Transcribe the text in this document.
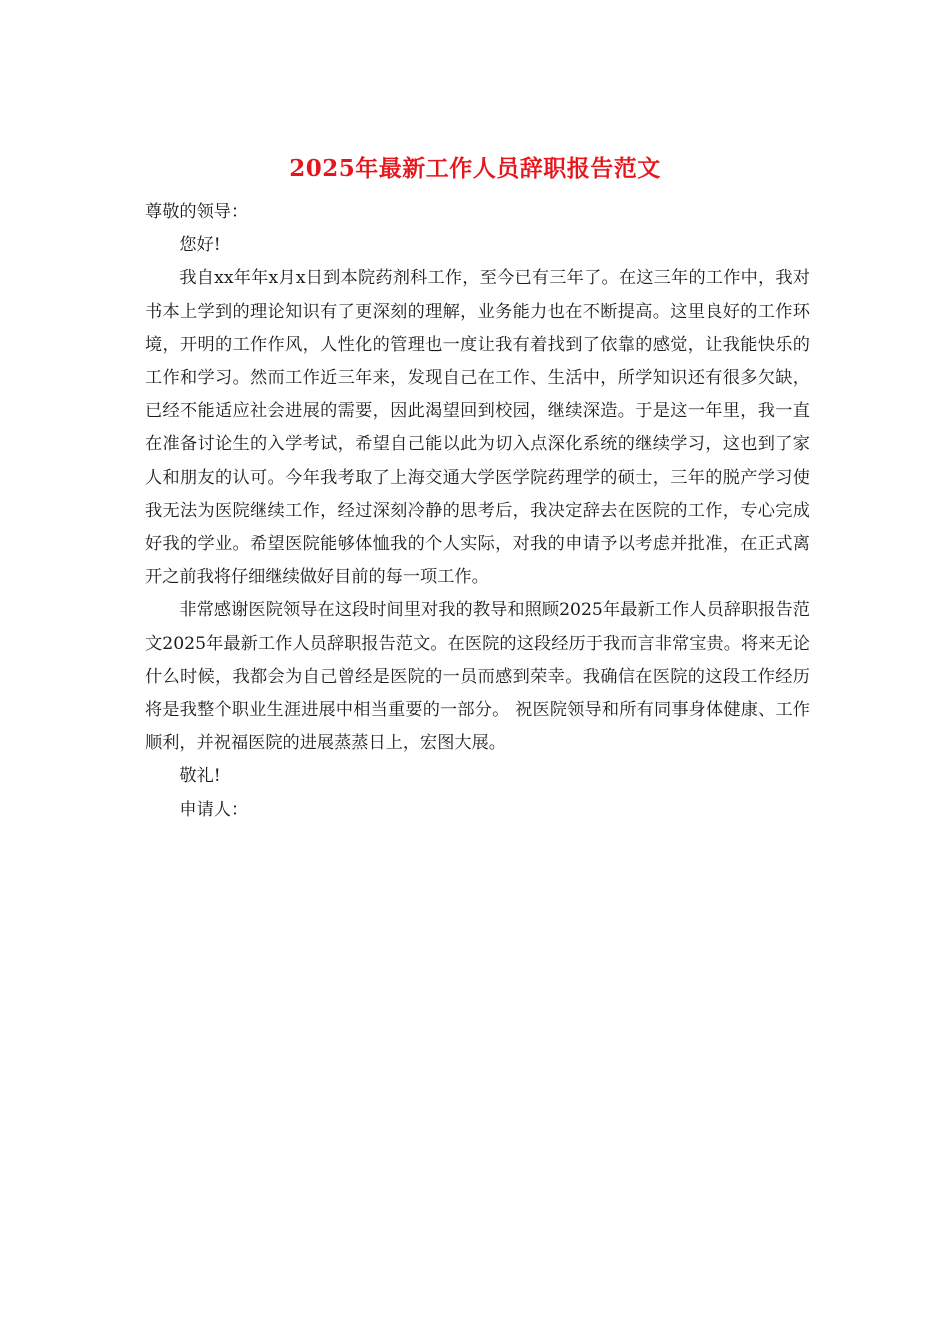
2025年最新工作人员辞职报告范文

尊敬的领导：

您好!

我自xx年年x月x日到本院药剂科工作，至今已有三年了。在这三年的工作中，我对书本上学到的理论知识有了更深刻的理解，业务能力也在不断提高。这里良好的工作环境，开明的工作作风，人性化的管理也一度让我有着找到了依靠的感觉，让我能快乐的工作和学习。然而工作近三年来，发现自己在工作、生活中，所学知识还有很多欠缺，已经不能适应社会进展的需要，因此渴望回到校园，继续深造。于是这一年里，我一直在准备讨论生的入学考试，希望自己能以此为切入点深化系统的继续学习，这也到了家人和朋友的认可。今年我考取了上海交通大学医学院药理学的硕士，三年的脱产学习使我无法为医院继续工作，经过深刻冷静的思考后，我决定辞去在医院的工作，专心完成好我的学业。希望医院能够体恤我的个人实际，对我的申请予以考虑并批准，在正式离开之前我将仔细继续做好目前的每一项工作。

非常感谢医院领导在这段时间里对我的教导和照顾2025年最新工作人员辞职报告范文2025年最新工作人员辞职报告范文。在医院的这段经历于我而言非常宝贵。将来无论什么时候，我都会为自己曾经是医院的一员而感到荣幸。我确信在医院的这段工作经历将是我整个职业生涯进展中相当重要的一部分。 祝医院领导和所有同事身体健康、工作顺利，并祝福医院的进展蒸蒸日上，宏图大展。

敬礼!

申请人：
